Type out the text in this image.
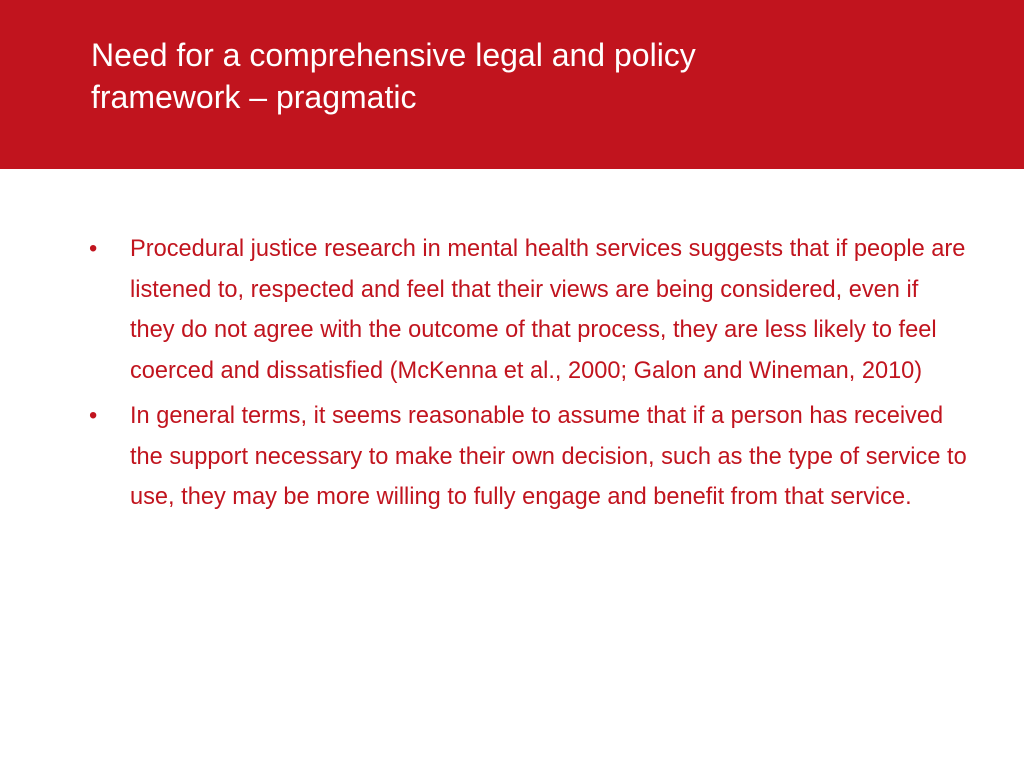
Need for a comprehensive legal and policy
framework – pragmatic
• Procedural justice research in mental health services suggests that if people are listened to, respected and feel that their views are being considered, even if they do not agree with the outcome of that process, they are less likely to feel coerced and dissatisfied (McKenna et al., 2000; Galon and Wineman, 2010)
• In general terms, it seems reasonable to assume that if a person has received the support necessary to make their own decision, such as the type of service to use, they may be more willing to fully engage and benefit from that service.
